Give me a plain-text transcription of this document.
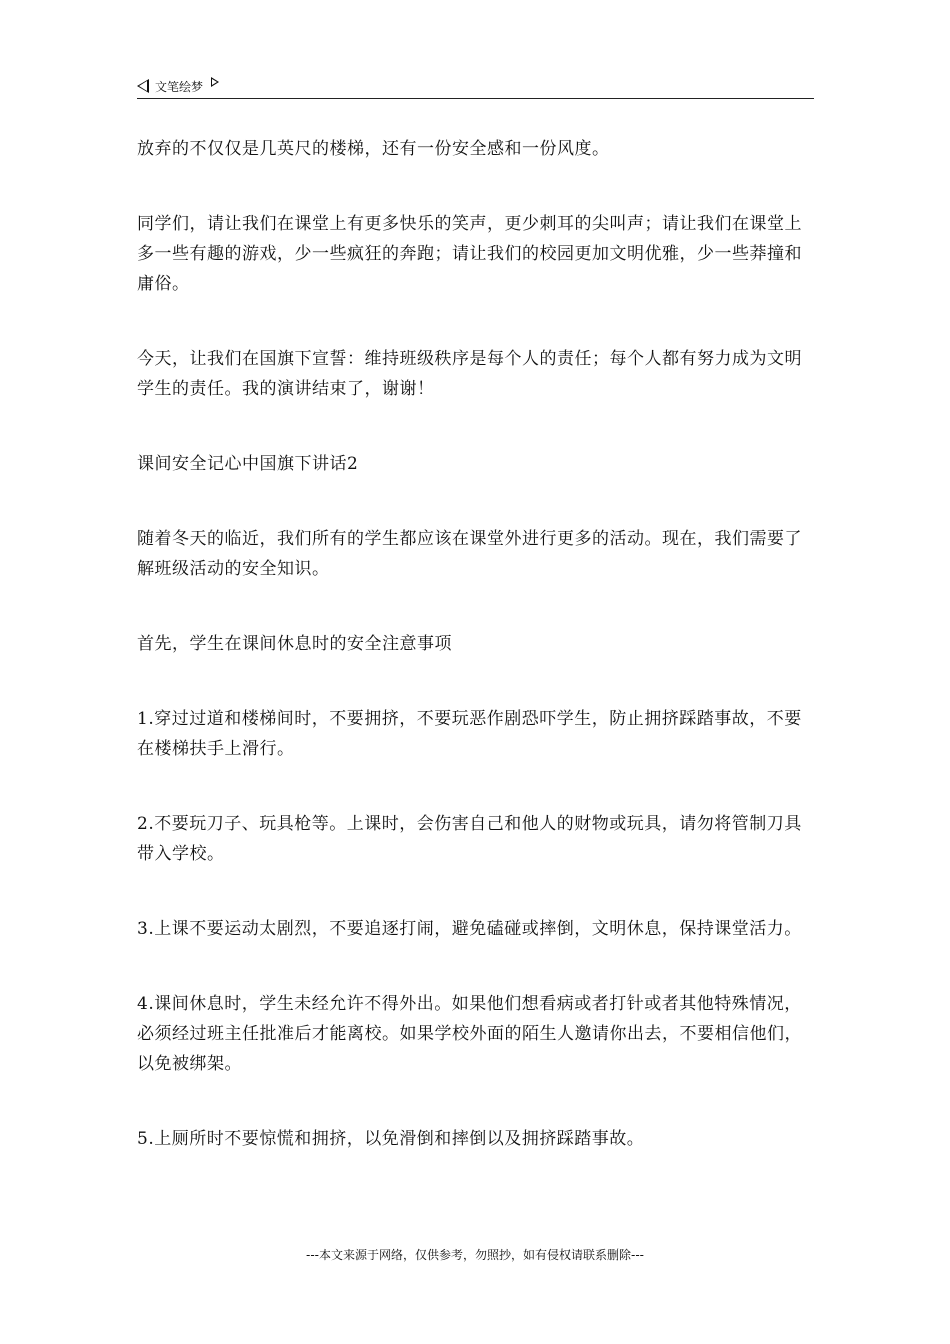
文笔绘梦

放弃的不仅仅是几英尺的楼梯，还有一份安全感和一份风度。

同学们，请让我们在课堂上有更多快乐的笑声，更少刺耳的尖叫声；请让我们在课堂上多一些有趣的游戏，少一些疯狂的奔跑；请让我们的校园更加文明优雅，少一些莽撞和庸俗。

今天，让我们在国旗下宣誓：维持班级秩序是每个人的责任；每个人都有努力成为文明学生的责任。我的演讲结束了，谢谢！

课间安全记心中国旗下讲话2

随着冬天的临近，我们所有的学生都应该在课堂外进行更多的活动。现在，我们需要了解班级活动的安全知识。

首先，学生在课间休息时的安全注意事项

1.穿过过道和楼梯间时，不要拥挤，不要玩恶作剧恐吓学生，防止拥挤踩踏事故，不要在楼梯扶手上滑行。

2.不要玩刀子、玩具枪等。上课时，会伤害自己和他人的财物或玩具，请勿将管制刀具带入学校。

3.上课不要运动太剧烈，不要追逐打闹，避免磕碰或摔倒，文明休息，保持课堂活力。

4.课间休息时，学生未经允许不得外出。如果他们想看病或者打针或者其他特殊情况，必须经过班主任批准后才能离校。如果学校外面的陌生人邀请你出去，不要相信他们，以免被绑架。

5.上厕所时不要惊慌和拥挤，以免滑倒和摔倒以及拥挤踩踏事故。

---本文来源于网络，仅供参考，勿照抄，如有侵权请联系删除---
